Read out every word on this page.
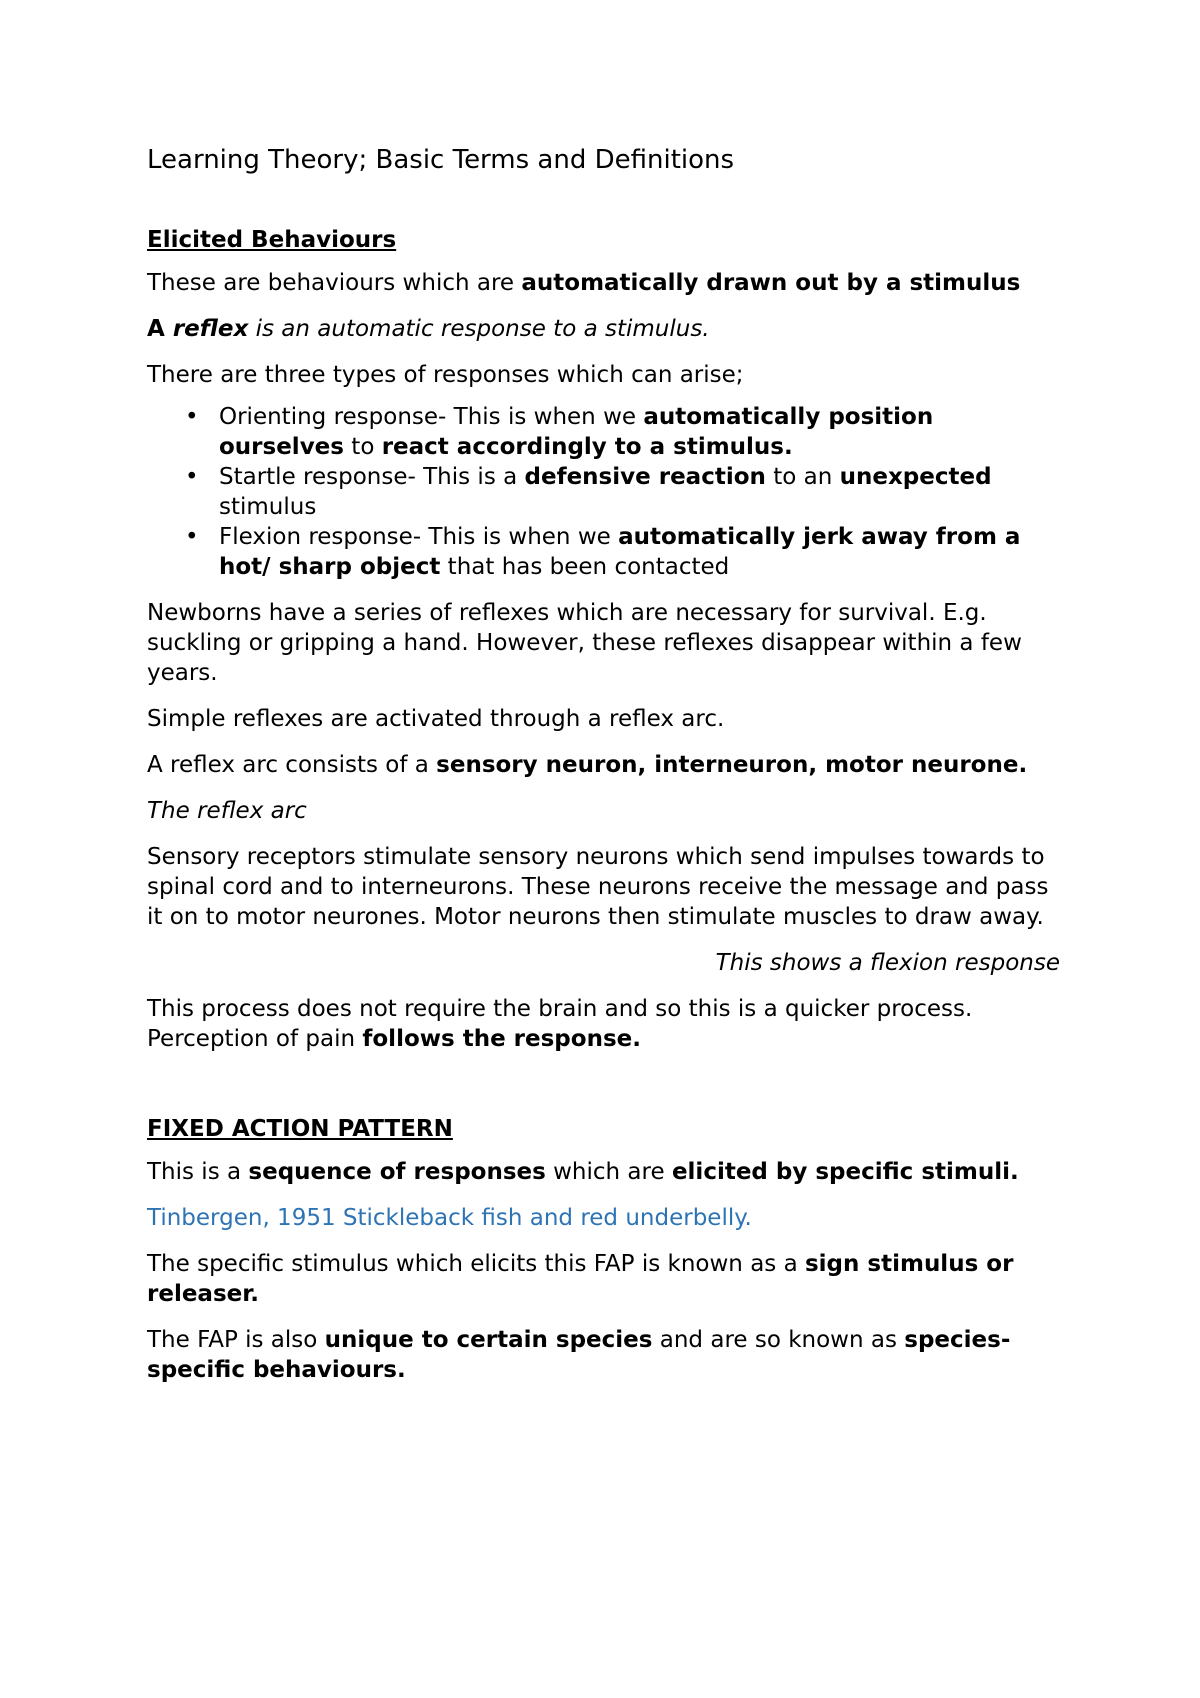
Learning Theory; Basic Terms and Definitions

Elicited Behaviours

These are behaviours which are automatically drawn out by a stimulus

A reflex is an automatic response to a stimulus.

There are three types of responses which can arise;

• Orienting response- This is when we automatically position ourselves to react accordingly to a stimulus.
• Startle response- This is a defensive reaction to an unexpected stimulus
• Flexion response- This is when we automatically jerk away from a hot/ sharp object that has been contacted

Newborns have a series of reflexes which are necessary for survival. E.g. suckling or gripping a hand. However, these reflexes disappear within a few years.

Simple reflexes are activated through a reflex arc.

A reflex arc consists of a sensory neuron, interneuron, motor neurone.

The reflex arc

Sensory receptors stimulate sensory neurons which send impulses towards to spinal cord and to interneurons. These neurons receive the message and pass it on to motor neurones. Motor neurons then stimulate muscles to draw away.

This shows a flexion response

This process does not require the brain and so this is a quicker process. Perception of pain follows the response.

FIXED ACTION PATTERN

This is a sequence of responses which are elicited by specific stimuli.

Tinbergen, 1951 Stickleback fish and red underbelly.

The specific stimulus which elicits this FAP is known as a sign stimulus or releaser.

The FAP is also unique to certain species and are so known as species-specific behaviours.
